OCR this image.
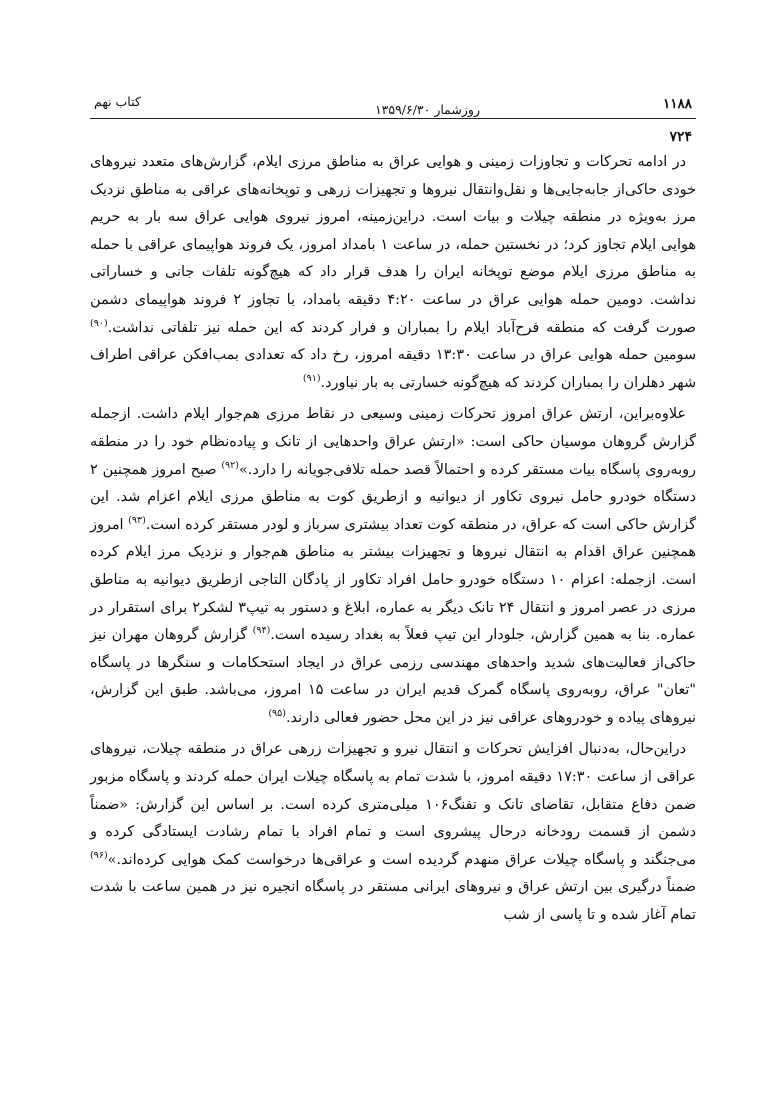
۱۱۸۸
روزشمار ۱۳۵۹/۶/۳۰
کتاب نهم
۷۲۴

در ادامه تحرکات و تجاوزات زمینی و هوایی عراق به مناطق مرزی ایلام، گزارش‌های متعدد نیروهای خودی حاکی‌از جابه‌جایی‌ها و نقل‌وانتقال نیروها و تجهیزات زرهی و توپخانه‌های عراقی به مناطق نزدیک مرز به‌ویژه در منطقه چیلات و بیات است. دراین‌زمینه، امروز نیروی هوایی عراق سه بار به حریم هوایی ایلام تجاوز کرد؛ در نخستین حمله، در ساعت ۱ بامداد امروز، یک فروند هواپیمای عراقی با حمله به مناطق مرزی ایلام موضع توپخانه ایران را هدف قرار داد که هیچ‌گونه تلفات جانی و خساراتی نداشت. دومین حمله هوایی عراق در ساعت ۴:۲۰ دقیقه بامداد، با تجاوز ۲ فروند هواپیمای دشمن صورت گرفت که منطقه فرح‌آباد ایلام را بمباران و فرار کردند که این حمله نیز تلفاتی نداشت.$^{(۹۰)}$ سومین حمله هوایی عراق در ساعت ۱۳:۳۰ دقیقه امروز، رخ داد که تعدادی بمب‌افکن عراقی اطراف شهر دهلران را بمباران کردند که هیچ‌گونه خسارتی به بار نیاورد.$^{(۹۱)}$

علاوه‌براین، ارتش عراق امروز تحرکات زمینی وسیعی در نقاط مرزی هم‌جوار ایلام داشت. ازجمله گزارش گروهان موسیان حاکی است: «ارتش عراق واحدهایی از تانک و پیاده‌نظام خود را در منطقه روبه‌روی پاسگاه بیات مستقر کرده و احتمالاً قصد حمله تلافی‌جویانه را دارد.»$^{(۹۲)}$ صبح امروز همچنین ۲ دستگاه خودرو حامل نیروی تکاور از دیوانیه و ازطریق کوت به مناطق مرزی ایلام اعزام شد. این گزارش حاکی است که عراق، در منطقه کوت تعداد بیشتری سرباز و لودر مستقر کرده است.$^{(۹۳)}$ امروز همچنین عراق اقدام به انتقال نیروها و تجهیزات بیشتر به مناطق هم‌جوار و نزدیک مرز ایلام کرده است. ازجمله: اعزام ۱۰ دستگاه خودرو حامل افراد تکاور از پادگان التاجی ازطریق دیوانیه به مناطق مرزی در عصر امروز و انتقال ۲۴ تانک دیگر به عماره، ابلاغ و دستور به تیپ۳ لشکر۲ برای استقرار در عماره. بنا به همین گزارش، جلودار این تیپ فعلاً به بغداد رسیده است.$^{(۹۴)}$ گزارش گروهان مهران نیز حاکی‌از فعالیت‌های شدید واحدهای مهندسی رزمی عراق در ایجاد استحکامات و سنگرها در پاسگاه "تعان" عراق، روبه‌روی پاسگاه گمرک قدیم ایران در ساعت ۱۵ امروز، می‌باشد. طبق این گزارش، نیروهای پیاده و خودروهای عراقی نیز در این محل حضور فعالی دارند.$^{(۹۵)}$

دراین‌حال، به‌دنبال افزایش تحرکات و انتقال نیرو و تجهیزات زرهی عراق در منطقه چیلات، نیروهای عراقی از ساعت ۱۷:۳۰ دقیقه امروز، با شدت تمام به پاسگاه چیلات ایران حمله کردند و پاسگاه مزبور ضمن دفاع متقابل، تقاضای تانک و تفنگ۱۰۶ میلی‌متری کرده است. بر اساس این گزارش: «ضمناً دشمن از قسمت رودخانه درحال پیشروی است و تمام افراد با تمام رشادت ایستادگی کرده و می‌جنگند و پاسگاه چیلات عراق منهدم گردیده است و عراقی‌ها درخواست کمک هوایی کرده‌اند.»$^{(۹۶)}$ ضمناً درگیری بین ارتش عراق و نیروهای ایرانی مستقر در پاسگاه انجیره نیز در همین ساعت با شدت تمام آغاز شده و تا پاسی از شب
